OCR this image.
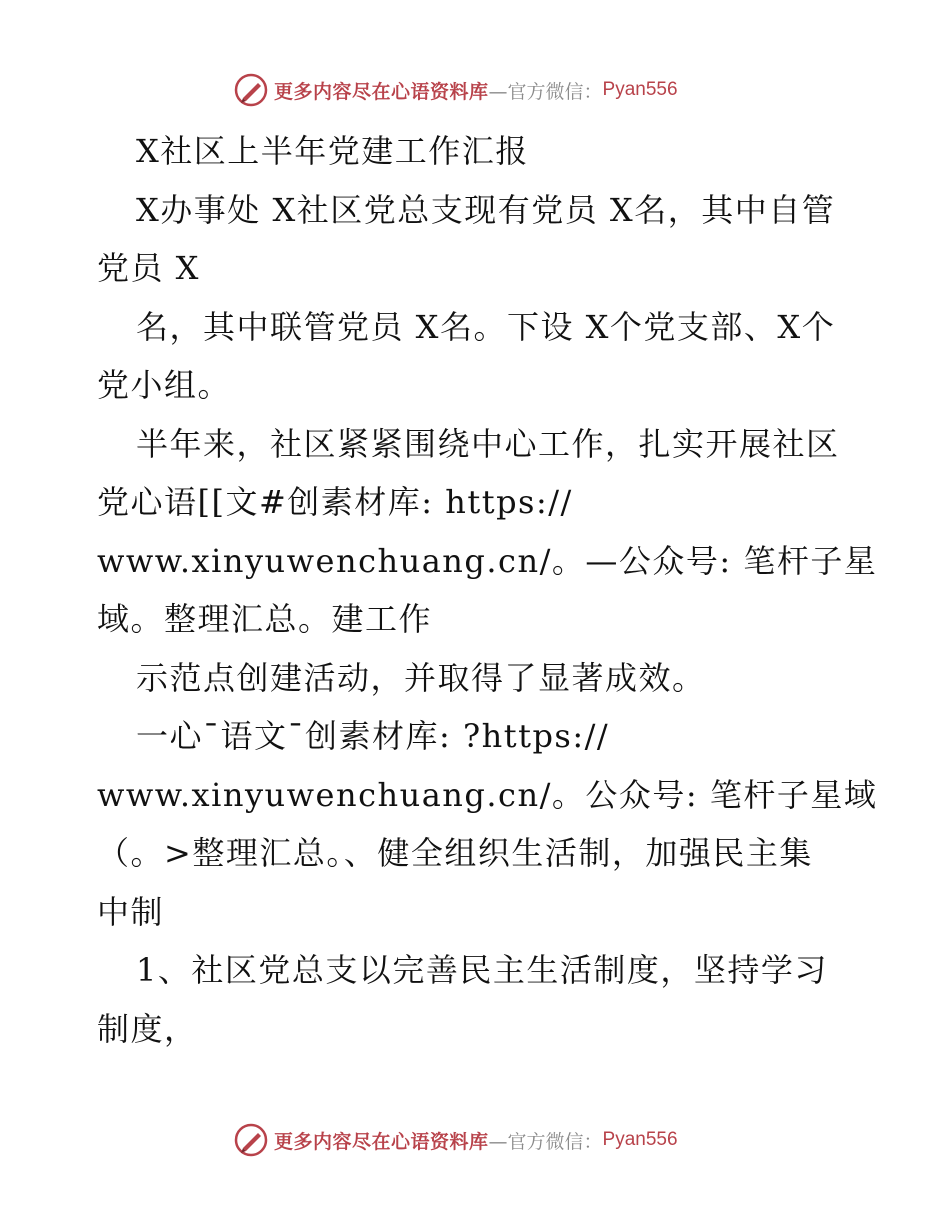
更多内容尽在心语资料库 —官方微信： Pyan556
X社区上半年党建工作汇报
X办事处 X社区党总支现有党员 X名，其中自管
党员 X
名，其中联管党员 X名。下设 X个党支部、X个
党小组。
半年来，社区紧紧围绕中心工作，扎实开展社区
党心语[[文#创素材库: https://
www.xinyuwenchuang.cn/。—公众号: 笔杆子星
域。整理汇总。建工作
示范点创建活动，并取得了显著成效。
一心¯语文¯创素材库: ?https://
www.xinyuwenchuang.cn/。公众号: 笔杆子星域
（。>整理汇总。、健全组织生活制，加强民主集
中制
1、社区党总支以完善民主生活制度，坚持学习
制度，
更多内容尽在心语资料库 —官方微信： Pyan556
